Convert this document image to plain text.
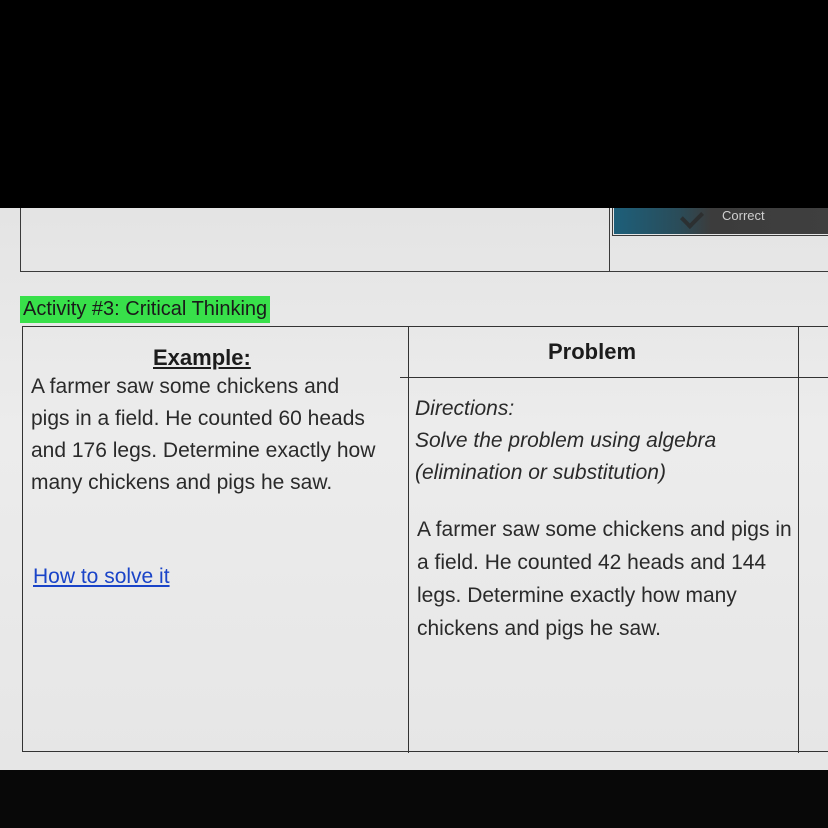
Correct
Activity #3: Critical Thinking
Example:
A farmer saw some chickens and pigs in a field. He counted 60 heads and 176 legs. Determine exactly how many chickens and pigs he saw.
How to solve it
Problem
Directions:
Solve the problem using algebra (elimination or substitution)
A farmer saw some chickens and pigs in a field. He counted 42 heads and 144 legs. Determine exactly how many chickens and pigs he saw.
